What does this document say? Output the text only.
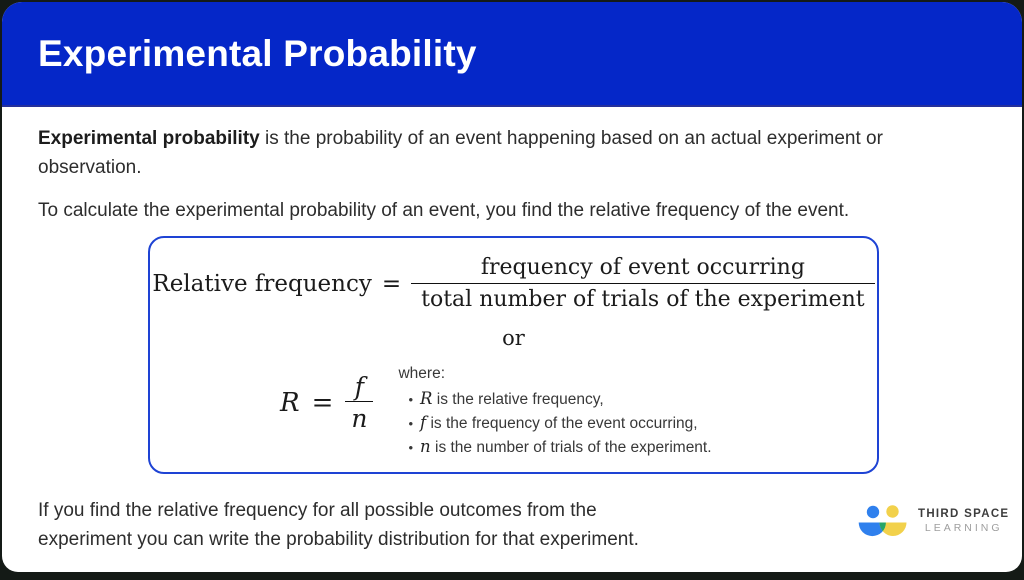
Experimental Probability
Experimental probability is the probability of an event happening based on an actual experiment or
observation.
To calculate the experimental probability of an event, you find the relative frequency of the event.
Relative frequency = $\frac{\text{frequency of event occurring}}{\text{total number of trials of the experiment}}$
or
$R = \frac{f}{n}$ where:
• R is the relative frequency,
• f is the frequency of the event occurring,
• n is the number of trials of the experiment.
If you find the relative frequency for all possible outcomes from the
experiment you can write the probability distribution for that experiment.
THIRD SPACE
LEARNING
